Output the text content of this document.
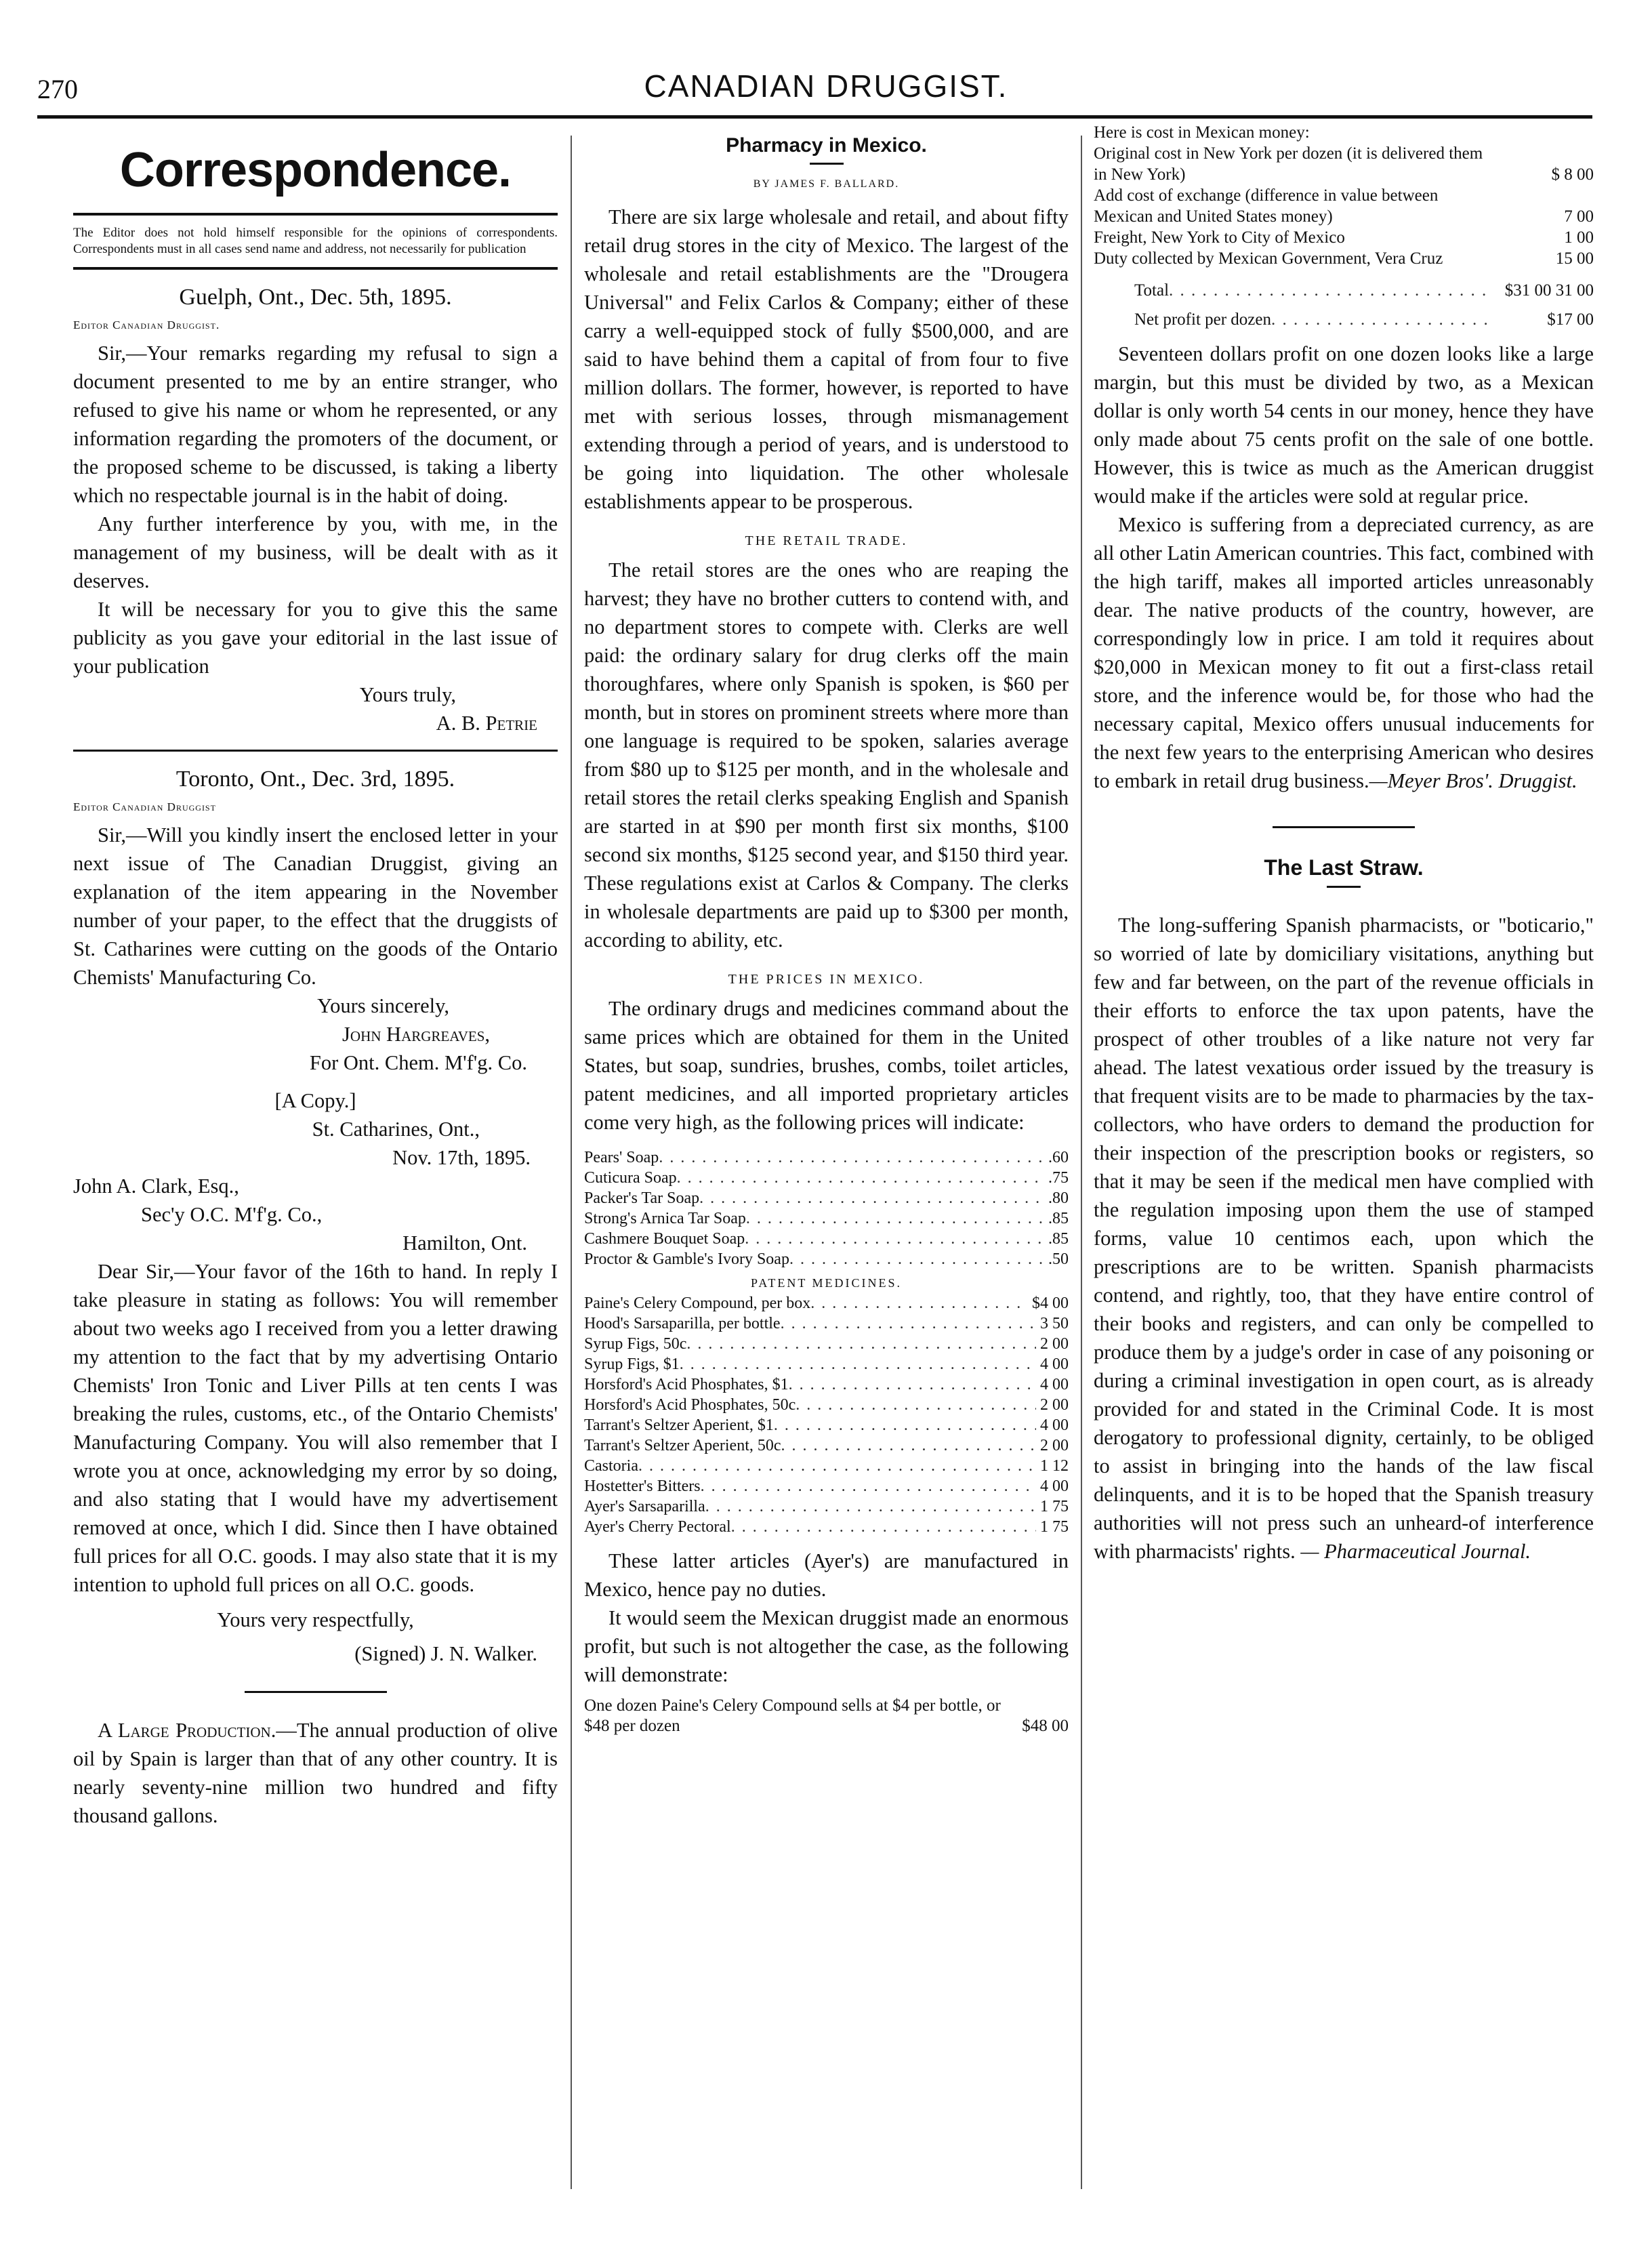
270	CANADIAN DRUGGIST.
Correspondence.
The Editor does not hold himself responsible for the opinions of correspondents. Correspondents must in all cases send name and address, not necessarily for publication
Guelph, Ont., Dec. 5th, 1895.
Editor Canadian Druggist.

Sir,—Your remarks regarding my refusal to sign a document presented to me by an entire stranger, who refused to give his name or whom he represented, or any information regarding the promoters of the document, or the proposed scheme to be discussed, is taking a liberty which no respectable journal is in the habit of doing.

Any further interference by you, with me, in the management of my business, will be dealt with as it deserves.

It will be necessary for you to give this the same publicity as you gave your editorial in the last issue of your publication

Yours truly,

A. B. Petrie

Toronto, Ont., Dec. 3rd, 1895.
Editor Canadian Druggist

Sir,—Will you kindly insert the enclosed letter in your next issue of The Canadian Druggist, giving an explanation of the item appearing in the November number of your paper, to the effect that the druggists of St. Catharines were cutting on the goods of the Ontario Chemists' Manufacturing Co.

Yours sincerely,

John Hargreaves,

For Ont. Chem. M'f'g. Co.

[A Copy.]

St. Catharines, Ont.,

Nov. 17th, 1895.

John A. Clark, Esq.,

Sec'y O.C. M'f'g. Co.,

Hamilton, Ont.

Dear Sir,—Your favor of the 16th to hand. In reply I take pleasure in stating as follows: You will remember about two weeks ago I received from you a letter drawing my attention to the fact that by my advertising Ontario Chemists' Iron Tonic and Liver Pills at ten cents I was breaking the rules, customs, etc., of the Ontario Chemists' Manufacturing Company. You will also remember that I wrote you at once, acknowledging my error by so doing, and also stating that I would have my advertisement removed at once, which I did. Since then I have obtained full prices for all O.C. goods. I may also state that it is my intention to uphold full prices on all O.C. goods.

Yours very respectfully,

(Signed) J. N. Walker.

A Large Production.—The annual production of olive oil by Spain is larger than that of any other country. It is nearly seventy-nine million two hundred and fifty thousand gallons.

Pharmacy in Mexico.
BY JAMES F. BALLARD.

There are six large wholesale and retail, and about fifty retail drug stores in the city of Mexico. The largest of the wholesale and retail establishments are the "Drougera Universal" and Felix Carlos & Company; either of these carry a well-equipped stock of fully $500,000, and are said to have behind them a capital of from four to five million dollars. The former, however, is reported to have met with serious losses, through mismanagement extending through a period of years, and is understood to be going into liquidation. The other wholesale establishments appear to be prosperous.

THE RETAIL TRADE.

The retail stores are the ones who are reaping the harvest; they have no brother cutters to contend with, and no department stores to compete with. Clerks are well paid: the ordinary salary for drug clerks off the main thoroughfares, where only Spanish is spoken, is $60 per month, but in stores on prominent streets where more than one language is required to be spoken, salaries average from $80 up to $125 per month, and in the wholesale and retail stores the retail clerks speaking English and Spanish are started in at $90 per month first six months, $100 second six months, $125 second year, and $150 third year. These regulations exist at Carlos & Company. The clerks in wholesale departments are paid up to $300 per month, according to ability, etc.

THE PRICES IN MEXICO.

The ordinary drugs and medicines command about the same prices which are obtained for them in the United States, but soap, sundries, brushes, combs, toilet articles, patent medicines, and all imported proprietary articles come very high, as the following prices will indicate:

Pears' Soap . . .	.60
Cuticura Soap . . .	.75
Packer's Tar Soap . . .	.80
Strong's Arnica Tar Soap . . .	.85
Cashmere Bouquet Soap . . .	.85
Proctor & Gamble's Ivory Soap . . .	.50
PATENT MEDICINES.
Paine's Celery Compound, per box . . .	$4 00
Hood's Sarsaparilla, per bottle . . .	3 50
Syrup Figs, 50c . . .	2 00
Syrup Figs, $1 . . .	4 00
Horsford's Acid Phosphates, $1 . . .	4 00
Horsford's Acid Phosphates, 50c . . .	2 00
Tarrant's Seltzer Aperient, $1 . . .	4 00
Tarrant's Seltzer Aperient, 50c . . .	2 00
Castoria . . .	1 12
Hostetter's Bitters . . .	4 00
Ayer's Sarsaparilla . . .	1 75
Ayer's Cherry Pectoral . . .	1 75

These latter articles (Ayer's) are manufactured in Mexico, hence pay no duties.

It would seem the Mexican druggist made an enormous profit, but such is not altogether the case, as the following will demonstrate:

One dozen Paine's Celery Compound sells at $4 per bottle, or $48 per dozen	$48 00
Here is cost in Mexican money:
Original cost in New York per dozen (it is delivered them in New York)	$ 8 00
Add cost of exchange (difference in value between Mexican and United States money)	7 00
Freight, New York to City of Mexico	1 00
Duty collected by Mexican Government, Vera Cruz	15 00
Total . . .	$31 00 31 00
Net profit per dozen . . .	$17 00

Seventeen dollars profit on one dozen looks like a large margin, but this must be divided by two, as a Mexican dollar is only worth 54 cents in our money, hence they have only made about 75 cents profit on the sale of one bottle. However, this is twice as much as the American druggist would make if the articles were sold at regular price.

Mexico is suffering from a depreciated currency, as are all other Latin American countries. This fact, combined with the high tariff, makes all imported articles unreasonably dear. The native products of the country, however, are correspondingly low in price. I am told it requires about $20,000 in Mexican money to fit out a first-class retail store, and the inference would be, for those who had the necessary capital, Mexico offers unusual inducements for the next few years to the enterprising American who desires to embark in retail drug business.—Meyer Bros'. Druggist.

The Last Straw.

The long-suffering Spanish pharmacists, or "boticario," so worried of late by domiciliary visitations, anything but few and far between, on the part of the revenue officials in their efforts to enforce the tax upon patents, have the prospect of other troubles of a like nature not very far ahead. The latest vexatious order issued by the treasury is that frequent visits are to be made to pharmacies by the tax-collectors, who have orders to demand the production for their inspection of the prescription books or registers, so that it may be seen if the medical men have complied with the regulation imposing upon them the use of stamped forms, value 10 centimos each, upon which the prescriptions are to be written. Spanish pharmacists contend, and rightly, too, that they have entire control of their books and registers, and can only be compelled to produce them by a judge's order in case of any poisoning or during a criminal investigation in open court, as is already provided for and stated in the Criminal Code. It is most derogatory to professional dignity, certainly, to be obliged to assist in bringing into the hands of the law fiscal delinquents, and it is to be hoped that the Spanish treasury authorities will not press such an unheard-of interference with pharmacists' rights. — Pharmaceutical Journal.
